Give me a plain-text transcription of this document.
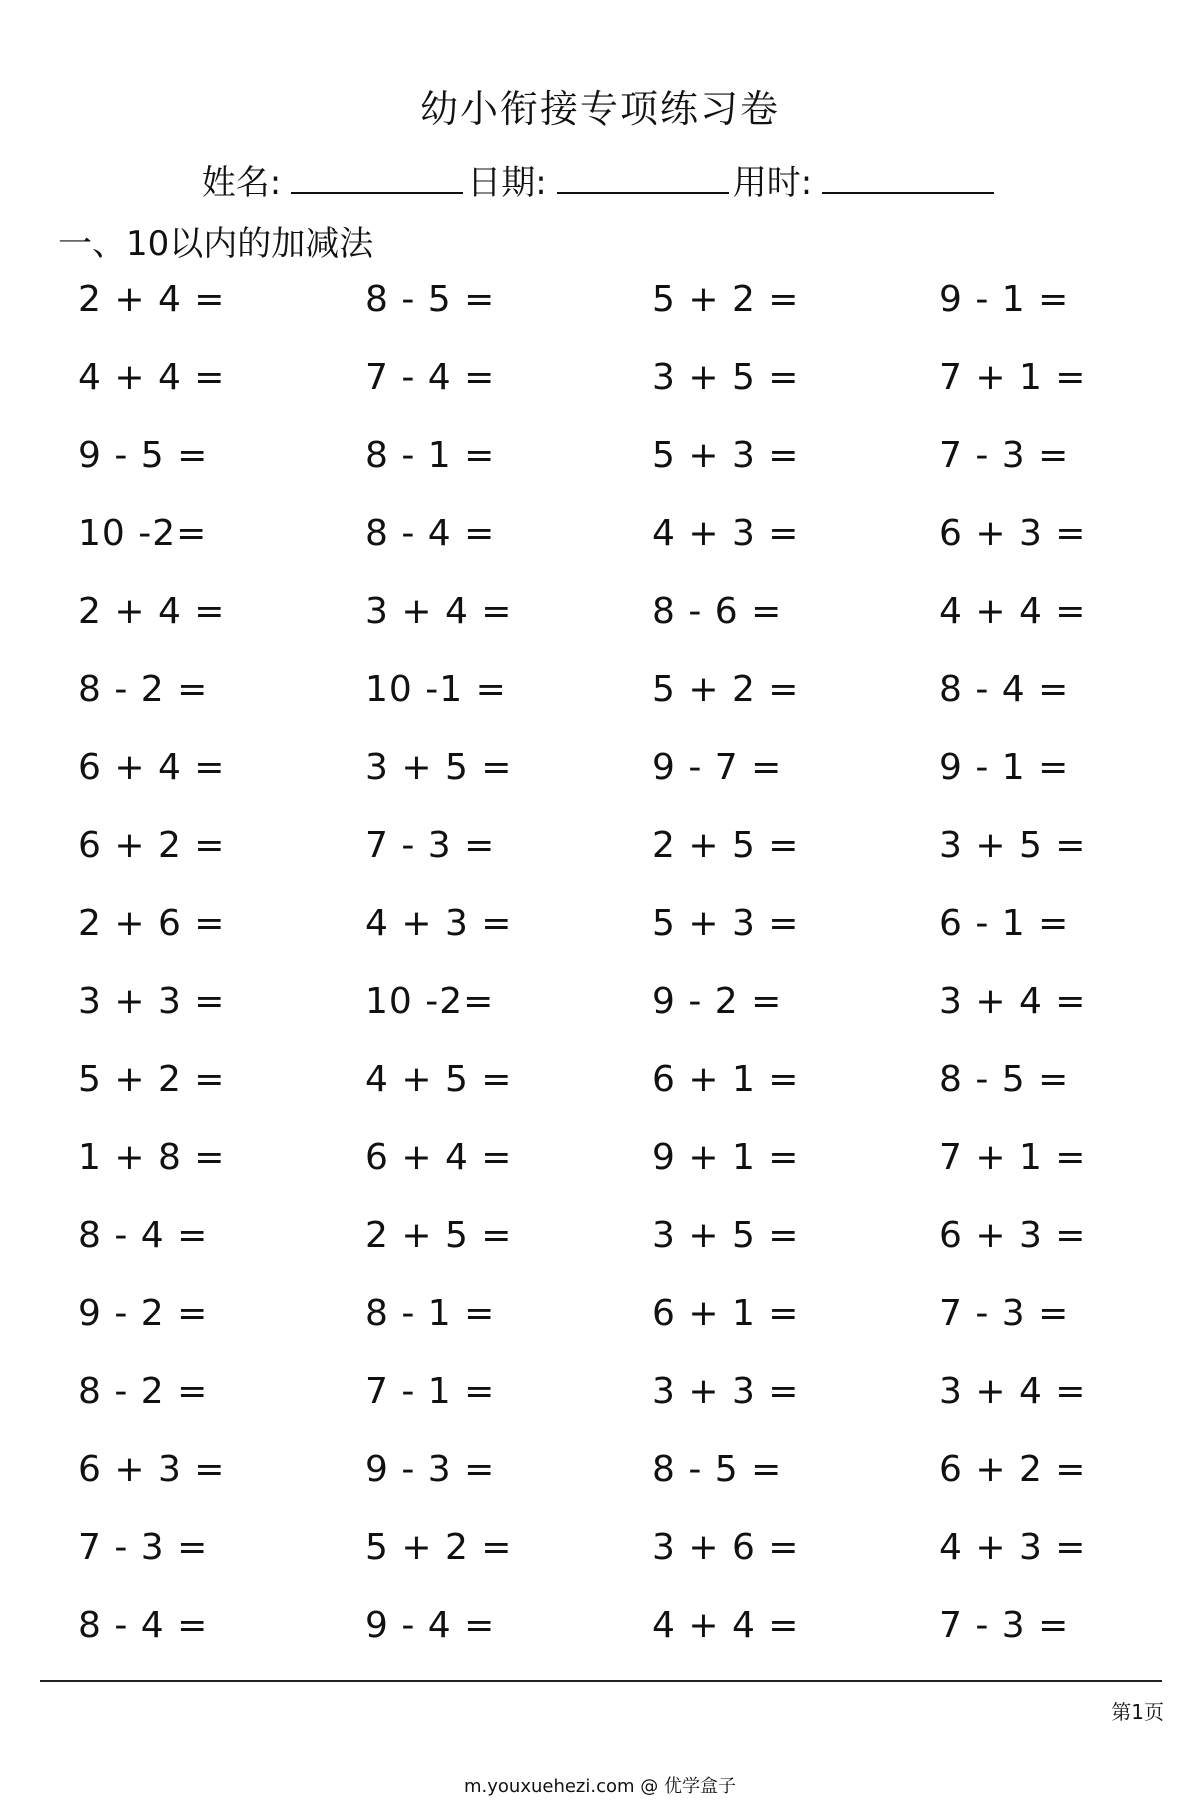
幼小衔接专项练习卷
姓名:	日期:	用时:
一、10以内的加减法
2 + 4 =	8 - 5 =	5 + 2 =	9 - 1 =
4 + 4 =	7 - 4 =	3 + 5 =	7 + 1 =
9 - 5 =	8 - 1 =	5 + 3 =	7 - 3 =
10 -2=	8 - 4 =	4 + 3 =	6 + 3 =
2 + 4 =	3 + 4 =	8 - 6 =	4 + 4 =
8 - 2 =	10 -1 =	5 + 2 =	8 - 4 =
6 + 4 =	3 + 5 =	9 - 7 =	9 - 1 =
6 + 2 =	7 - 3 =	2 + 5 =	3 + 5 =
2 + 6 =	4 + 3 =	5 + 3 =	6 - 1 =
3 + 3 =	10 -2=	9 - 2 =	3 + 4 =
5 + 2 =	4 + 5 =	6 + 1 =	8 - 5 =
1 + 8 =	6 + 4 =	9 + 1 =	7 + 1 =
8 - 4 =	2 + 5 =	3 + 5 =	6 + 3 =
9 - 2 =	8 - 1 =	6 + 1 =	7 - 3 =
8 - 2 =	7 - 1 =	3 + 3 =	3 + 4 =
6 + 3 =	9 - 3 =	8 - 5 =	6 + 2 =
7 - 3 =	5 + 2 =	3 + 6 =	4 + 3 =
8 - 4 =	9 - 4 =	4 + 4 =	7 - 3 =
第1页
m.youxuehezi.com @ 优学盒子
